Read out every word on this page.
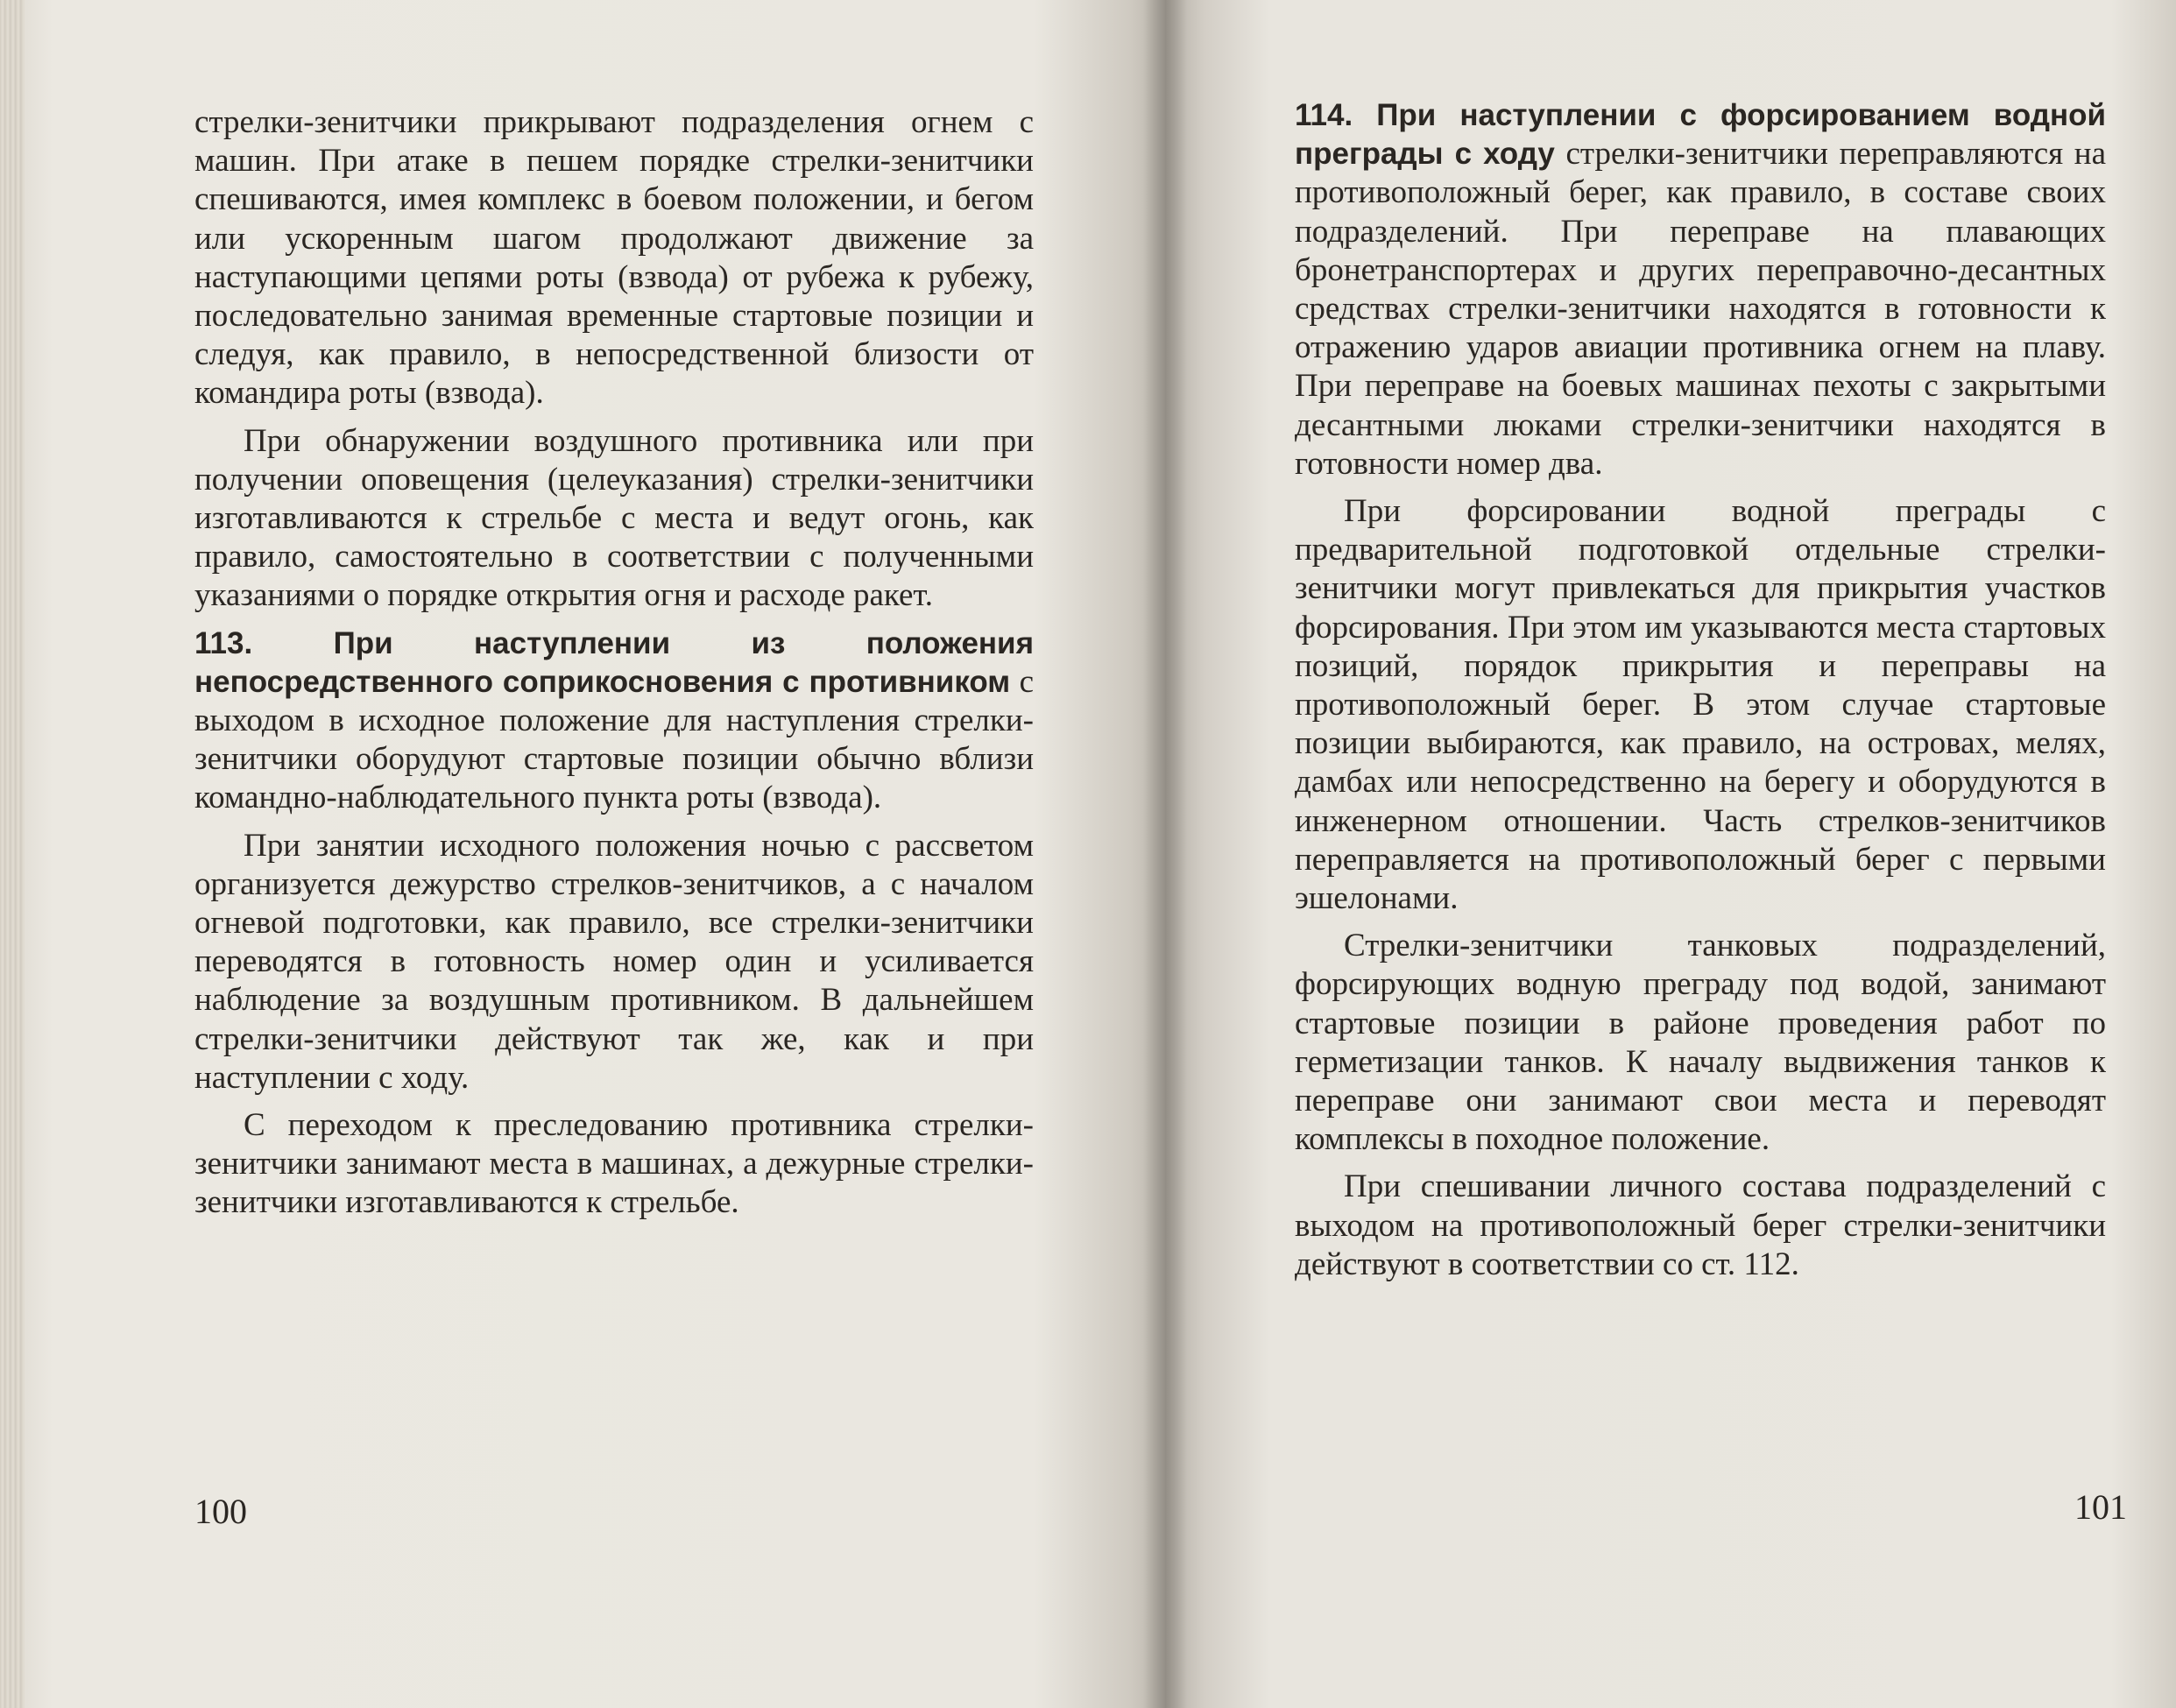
стрелки-зенитчики прикрывают подразделения огнем с машин. При атаке в пешем порядке стрелки-зенитчики спешиваются, имея комплекс в боевом положении, и бегом или ускоренным шагом продолжают движение за наступающими цепями роты (взвода) от рубежа к рубежу, последовательно занимая временные стартовые позиции и следуя, как правило, в непосредственной близости от командира роты (взвода).

При обнаружении воздушного противника или при получении оповещения (целеуказания) стрелки-зенитчики изготавливаются к стрельбе с места и ведут огонь, как правило, самостоятельно в соответствии с полученными указаниями о порядке открытия огня и расходе ракет.

113. При наступлении из положения непосредственного соприкосновения с противником с выходом в исходное положение для наступления стрелки-зенитчики оборудуют стартовые позиции обычно вблизи командно-наблюдательного пункта роты (взвода).

При занятии исходного положения ночью с рассветом организуется дежурство стрелков-зенитчиков, а с началом огневой подготовки, как правило, все стрелки-зенитчики переводятся в готовность номер один и усиливается наблюдение за воздушным противником. В дальнейшем стрелки-зенитчики действуют так же, как и при наступлении с ходу.

С переходом к преследованию противника стрелки-зенитчики занимают места в машинах, а дежурные стрелки-зенитчики изготавливаются к стрельбе.

100

114. При наступлении с форсированием водной преграды с ходу стрелки-зенитчики переправляются на противоположный берег, как правило, в составе своих подразделений. При переправе на плавающих бронетранспортерах и других переправочно-десантных средствах стрелки-зенитчики находятся в готовности к отражению ударов авиации противника огнем на плаву. При переправе на боевых машинах пехоты с закрытыми десантными люками стрелки-зенитчики находятся в готовности номер два.

При форсировании водной преграды с предварительной подготовкой отдельные стрелки-зенитчики могут привлекаться для прикрытия участков форсирования. При этом им указываются места стартовых позиций, порядок прикрытия и переправы на противоположный берег. В этом случае стартовые позиции выбираются, как правило, на островах, мелях, дамбах или непосредственно на берегу и оборудуются в инженерном отношении. Часть стрелков-зенитчиков переправляется на противоположный берег с первыми эшелонами.

Стрелки-зенитчики танковых подразделений, форсирующих водную преграду под водой, занимают стартовые позиции в районе проведения работ по герметизации танков. К началу выдвижения танков к переправе они занимают свои места и переводят комплексы в походное положение.

При спешивании личного состава подразделений с выходом на противоположный берег стрелки-зенитчики действуют в соответствии со ст. 112.

101
